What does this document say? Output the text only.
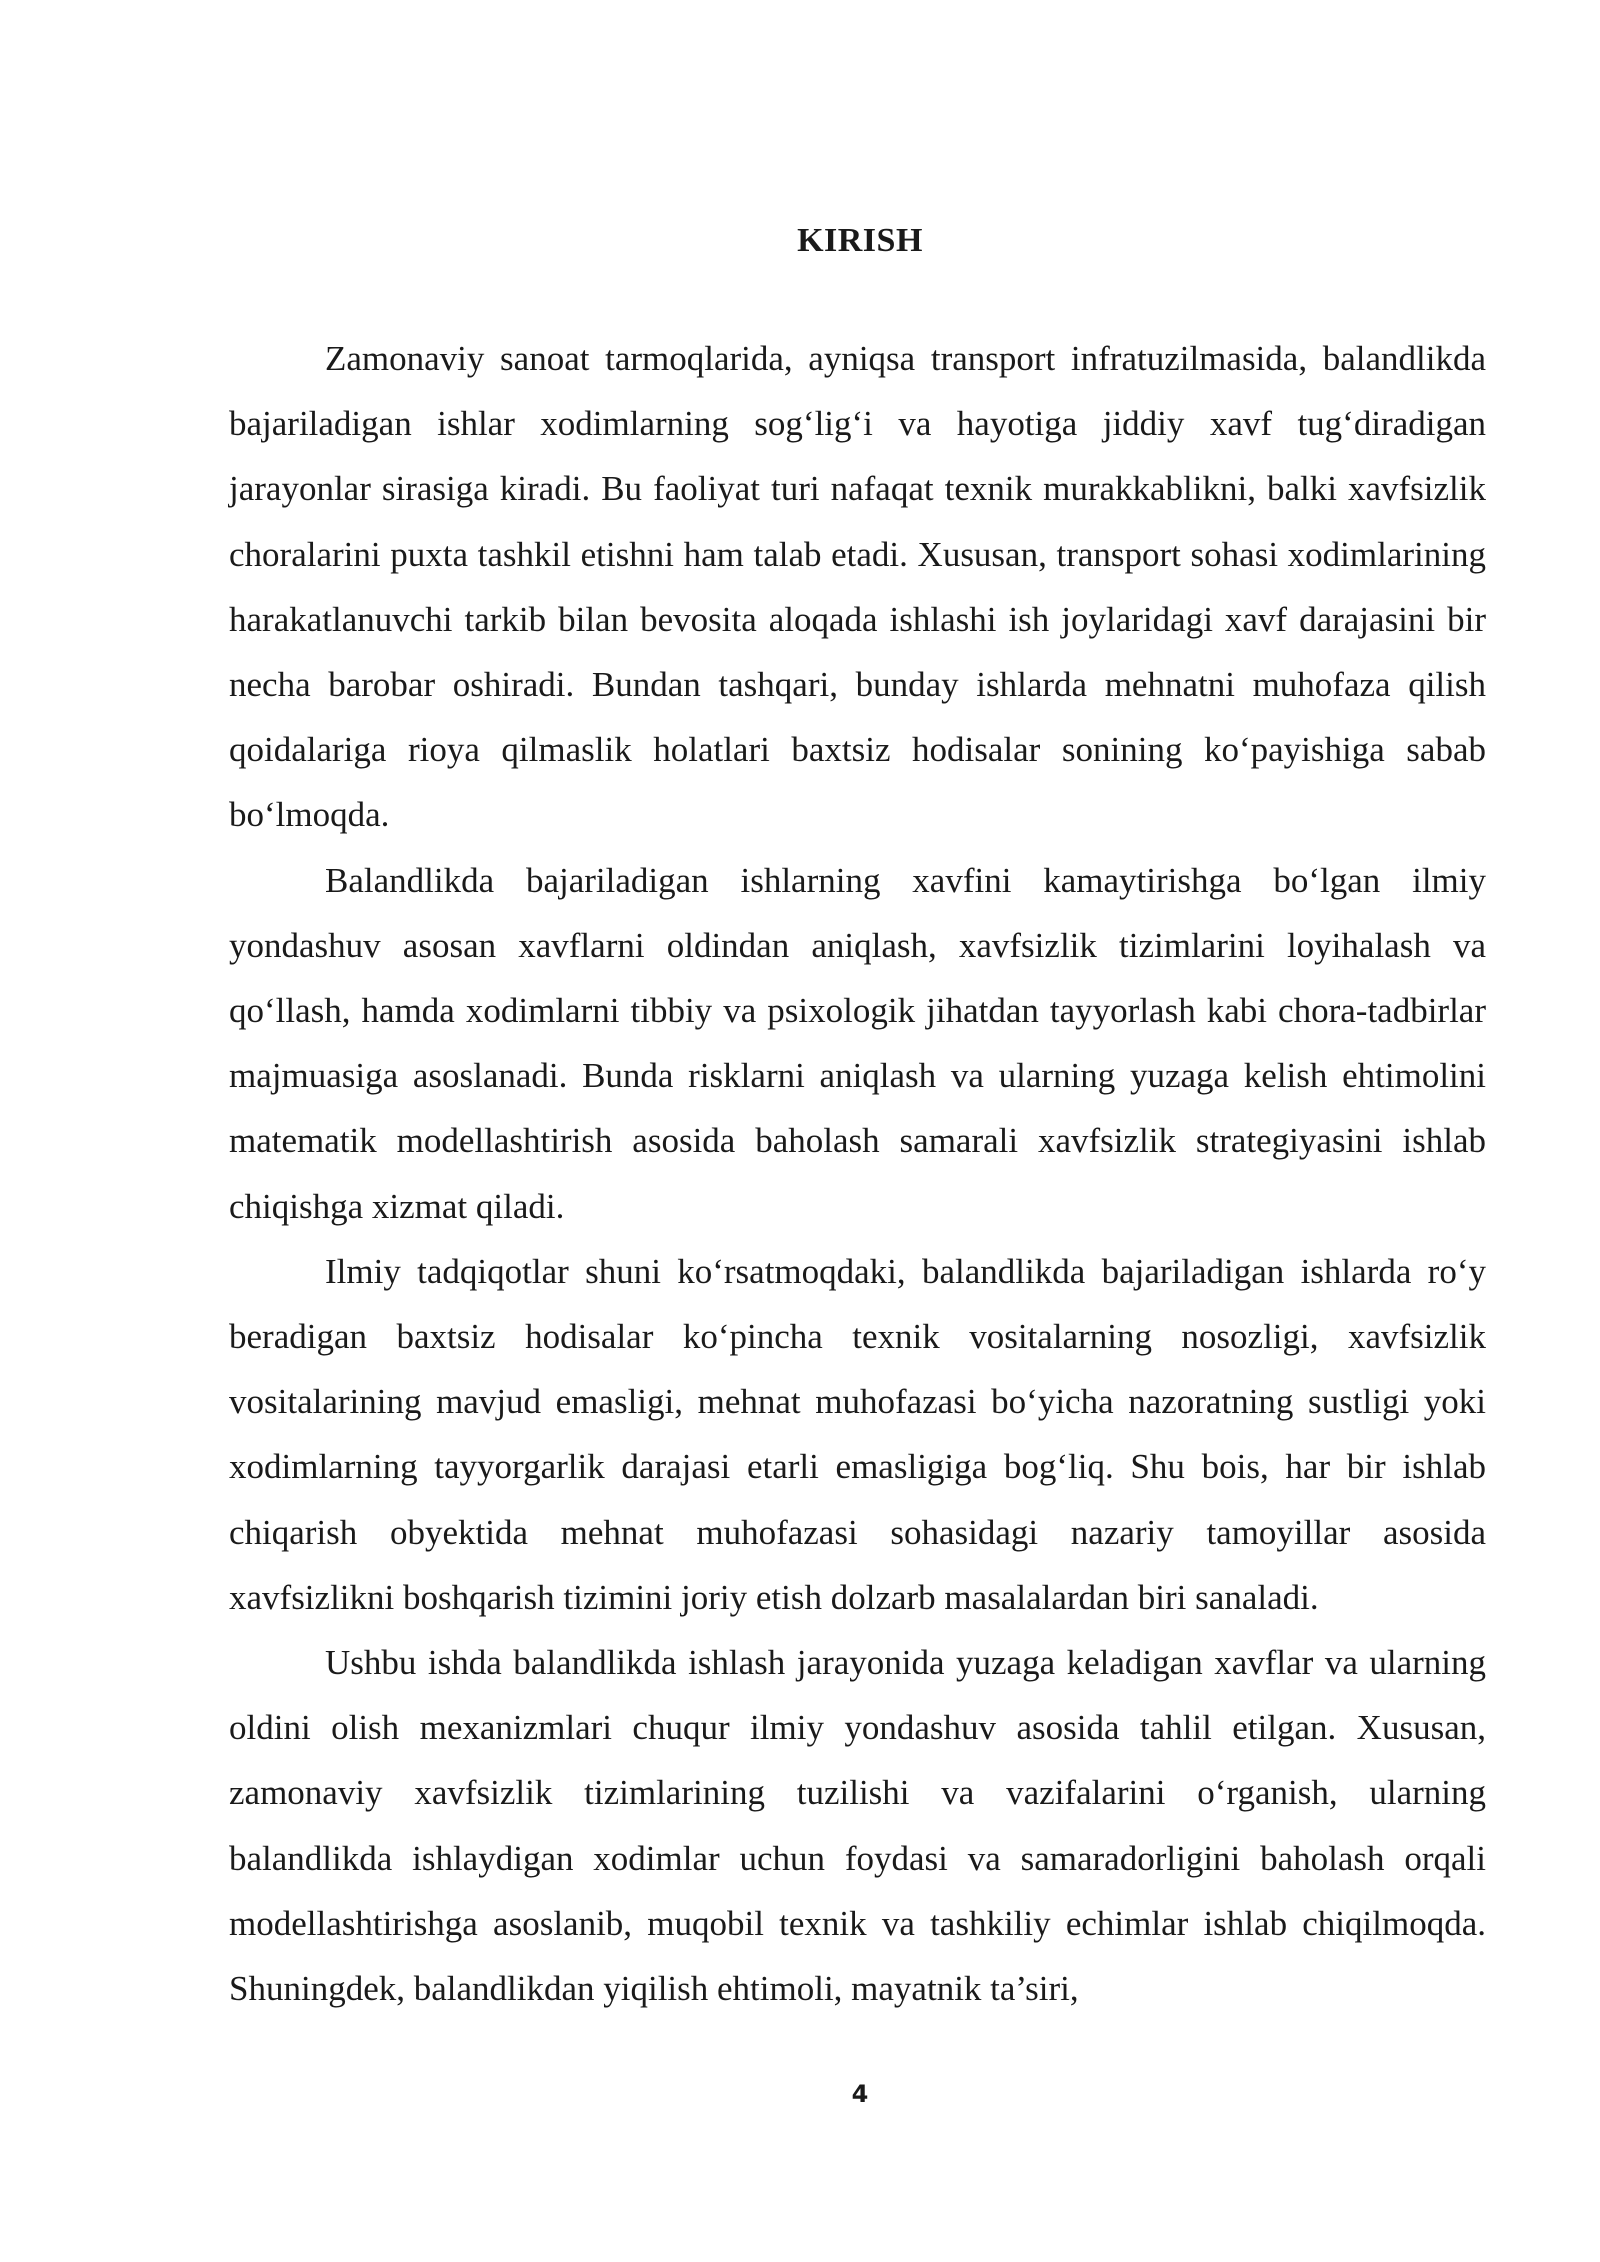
KIRISH

Zamonaviy sanoat tarmoqlarida, ayniqsa transport infratuzilmasida, balandlikda bajariladigan ishlar xodimlarning sog‘lig‘i va hayotiga jiddiy xavf tug‘diradigan jarayonlar sirasiga kiradi. Bu faoliyat turi nafaqat texnik murakkablikni, balki xavfsizlik choralarini puxta tashkil etishni ham talab etadi. Xususan, transport sohasi xodimlarining harakatlanuvchi tarkib bilan bevosita aloqada ishlashi ish joylaridagi xavf darajasini bir necha barobar oshiradi. Bundan tashqari, bunday ishlarda mehnatni muhofaza qilish qoidalariga rioya qilmaslik holatlari baxtsiz hodisalar sonining ko‘payishiga sabab bo‘lmoqda.

Balandlikda bajariladigan ishlarning xavfini kamaytirishga bo‘lgan ilmiy yondashuv asosan xavflarni oldindan aniqlash, xavfsizlik tizimlarini loyihalash va qo‘llash, hamda xodimlarni tibbiy va psixologik jihatdan tayyorlash kabi chora-tadbirlar majmuasiga asoslanadi. Bunda risklarni aniqlash va ularning yuzaga kelish ehtimolini matematik modellashtirish asosida baholash samarali xavfsizlik strategiyasini ishlab chiqishga xizmat qiladi.

Ilmiy tadqiqotlar shuni ko‘rsatmoqdaki, balandlikda bajariladigan ishlarda ro‘y beradigan baxtsiz hodisalar ko‘pincha texnik vositalarning nosozligi, xavfsizlik vositalarining mavjud emasligi, mehnat muhofazasi bo‘yicha nazoratning sustligi yoki xodimlarning tayyorgarlik darajasi etarli emasligiga bog‘liq. Shu bois, har bir ishlab chiqarish obyektida mehnat muhofazasi sohasidagi nazariy tamoyillar asosida xavfsizlikni boshqarish tizimini joriy etish dolzarb masalalardan biri sanaladi.

Ushbu ishda balandlikda ishlash jarayonida yuzaga keladigan xavflar va ularning oldini olish mexanizmlari chuqur ilmiy yondashuv asosida tahlil etilgan. Xususan, zamonaviy xavfsizlik tizimlarining tuzilishi va vazifalarini o‘rganish, ularning balandlikda ishlaydigan xodimlar uchun foydasi va samaradorligini baholash orqali modellashtirishga asoslanib, muqobil texnik va tashkiliy echimlar ishlab chiqilmoqda. Shuningdek, balandlikdan yiqilish ehtimoli, mayatnik ta’siri,

4
